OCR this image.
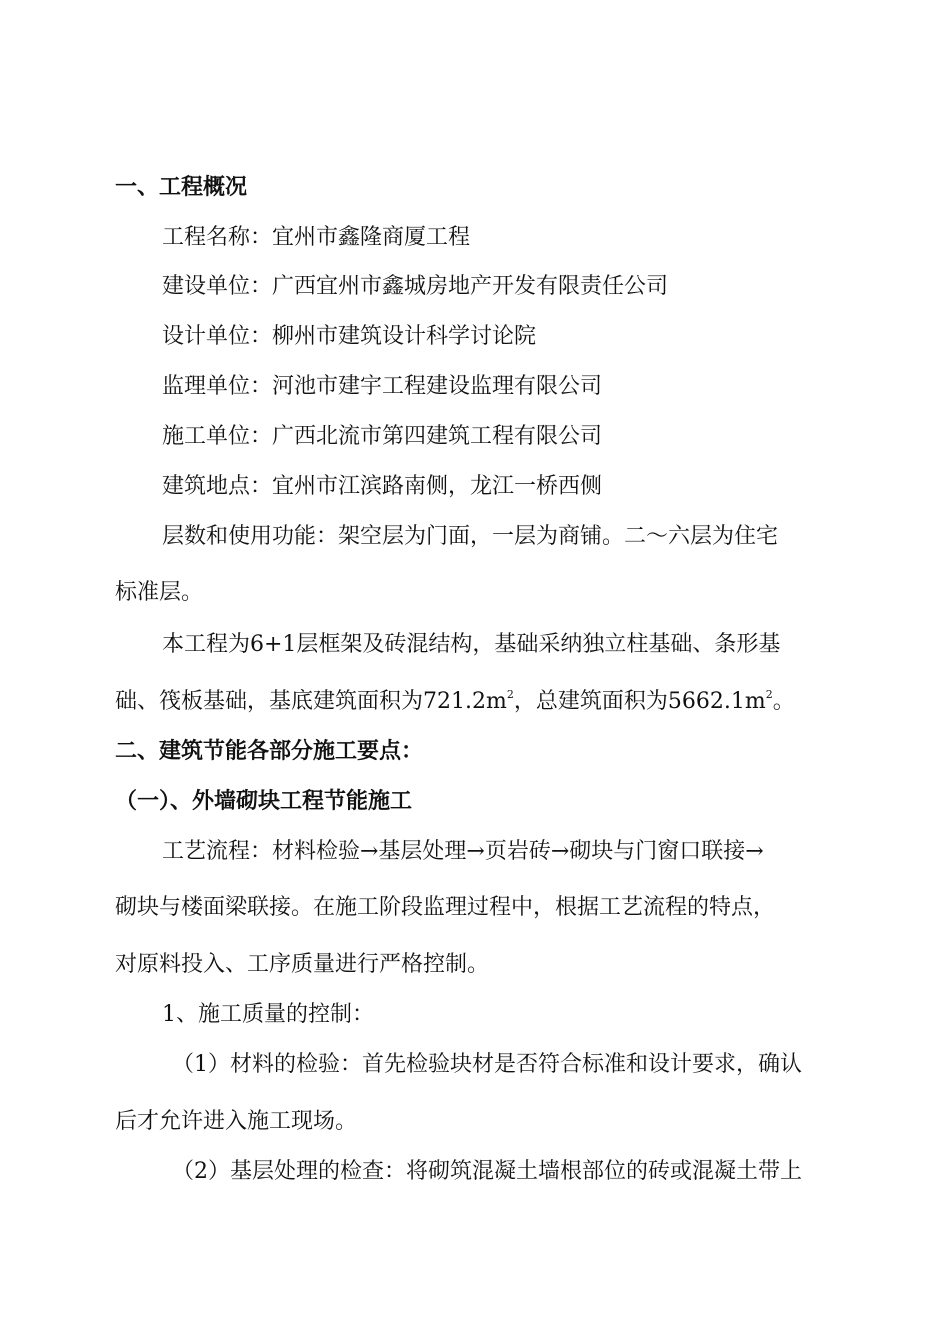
一、工程概况
工程名称：宜州市鑫隆商厦工程
建设单位：广西宜州市鑫城房地产开发有限责任公司
设计单位：柳州市建筑设计科学讨论院
监理单位：河池市建宇工程建设监理有限公司
施工单位：广西北流市第四建筑工程有限公司
建筑地点：宜州市江滨路南侧，龙江一桥西侧
层数和使用功能：架空层为门面，一层为商铺。二～六层为住宅
标准层。
本工程为6+1层框架及砖混结构，基础采纳独立柱基础、条形基
础、筏板基础，基底建筑面积为$721.2m^2$，总建筑面积为$5662.1m^2$。
二、建筑节能各部分施工要点：
（一）、外墙砌块工程节能施工
工艺流程：材料检验→基层处理→页岩砖→砌块与门窗口联接→
砌块与楼面梁联接。在施工阶段监理过程中，根据工艺流程的特点，
对原料投入、工序质量进行严格控制。
1、施工质量的控制：
（1）材料的检验：首先检验块材是否符合标准和设计要求，确认
后才允许进入施工现场。
（2）基层处理的检查：将砌筑混凝土墙根部位的砖或混凝土带上
